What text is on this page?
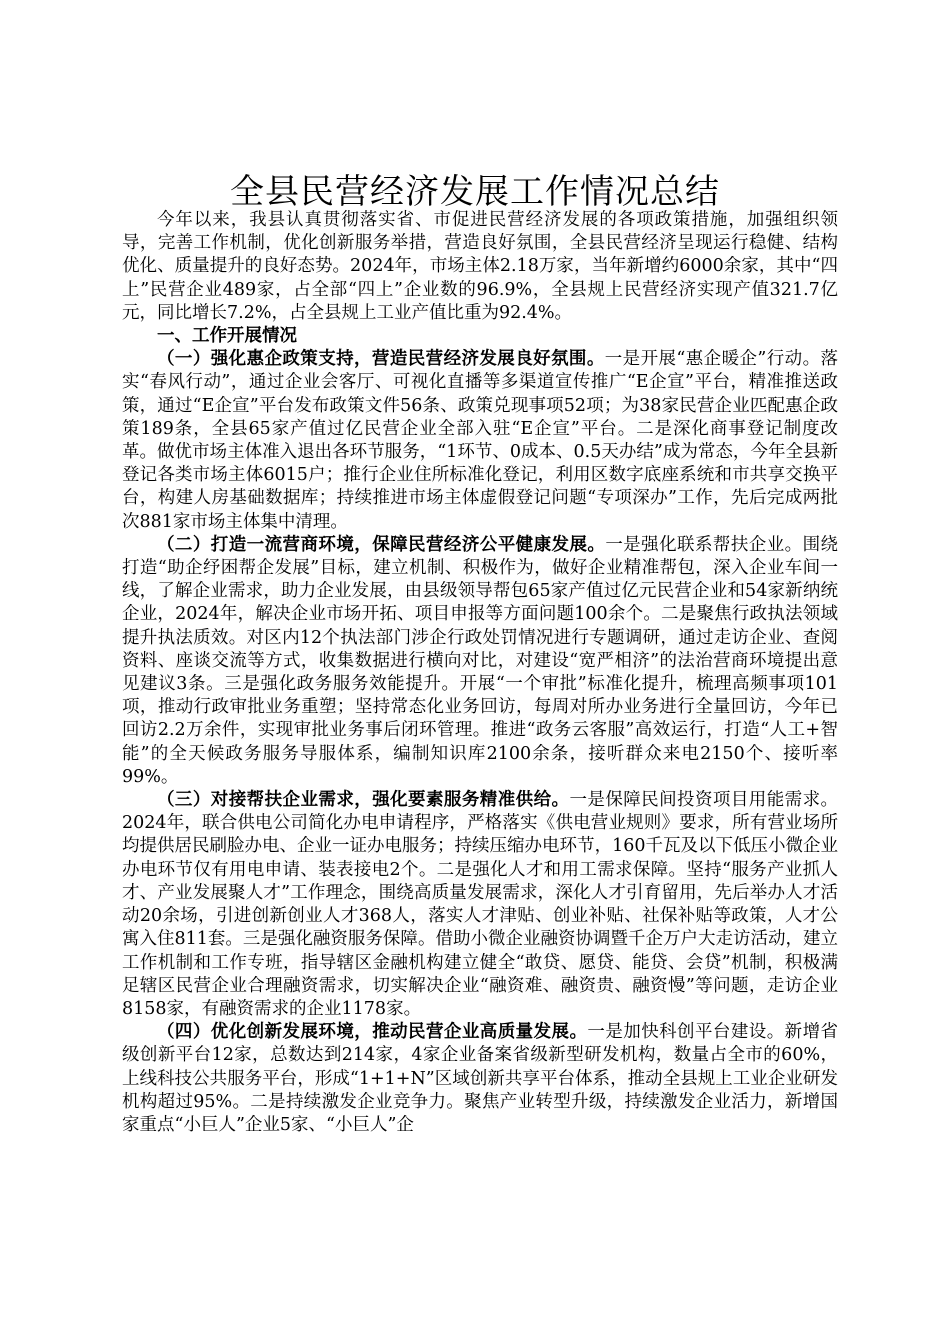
全县民营经济发展工作情况总结

今年以来，我县认真贯彻落实省、市促进民营经济发展的各项政策措施，加强组织领导，完善工作机制，优化创新服务举措，营造良好氛围，全县民营经济呈现运行稳健、结构优化、质量提升的良好态势。2024年，市场主体2.18万家，当年新增约6000余家，其中“四上”民营企业489家，占全部“四上”企业数的96.9%，全县规上民营经济实现产值321.7亿元，同比增长7.2%，占全县规上工业产值比重为92.4%。

一、工作开展情况

（一）强化惠企政策支持，营造民营经济发展良好氛围。一是开展“惠企暖企”行动。落实“春风行动”，通过企业会客厅、可视化直播等多渠道宣传推广“E企宣”平台，精准推送政策，通过“E企宣”平台发布政策文件56条、政策兑现事项52项；为38家民营企业匹配惠企政策189条，全县65家产值过亿民营企业全部入驻“E企宣”平台。二是深化商事登记制度改革。做优市场主体准入退出各环节服务，“1环节、0成本、0.5天办结”成为常态，今年全县新登记各类市场主体6015户；推行企业住所标准化登记，利用区数字底座系统和市共享交换平台，构建人房基础数据库；持续推进市场主体虚假登记问题“专项深办”工作，先后完成两批次881家市场主体集中清理。

（二）打造一流营商环境，保障民营经济公平健康发展。一是强化联系帮扶企业。围绕打造“助企纾困帮企发展”目标，建立机制、积极作为，做好企业精准帮包，深入企业车间一线，了解企业需求，助力企业发展，由县级领导帮包65家产值过亿元民营企业和54家新纳统企业，2024年，解决企业市场开拓、项目申报等方面问题100余个。二是聚焦行政执法领域提升执法质效。对区内12个执法部门涉企行政处罚情况进行专题调研，通过走访企业、查阅资料、座谈交流等方式，收集数据进行横向对比，对建设“宽严相济”的法治营商环境提出意见建议3条。三是强化政务服务效能提升。开展“一个审批”标准化提升，梳理高频事项101项，推动行政审批业务重塑；坚持常态化业务回访，每周对所办业务进行全量回访，今年已回访2.2万余件，实现审批业务事后闭环管理。推进“政务云客服”高效运行，打造“人工+智能”的全天候政务服务导服体系，编制知识库2100余条，接听群众来电2150个、接听率99%。

（三）对接帮扶企业需求，强化要素服务精准供给。一是保障民间投资项目用能需求。2024年，联合供电公司简化办电申请程序，严格落实《供电营业规则》要求，所有营业场所均提供居民刷脸办电、企业一证办电服务；持续压缩办电环节，160千瓦及以下低压小微企业办电环节仅有用电申请、装表接电2个。二是强化人才和用工需求保障。坚持“服务产业抓人才、产业发展聚人才”工作理念，围绕高质量发展需求，深化人才引育留用，先后举办人才活动20余场，引进创新创业人才368人，落实人才津贴、创业补贴、社保补贴等政策，人才公寓入住811套。三是强化融资服务保障。借助小微企业融资协调暨千企万户大走访活动，建立工作机制和工作专班，指导辖区金融机构建立健全“敢贷、愿贷、能贷、会贷”机制，积极满足辖区民营企业合理融资需求，切实解决企业“融资难、融资贵、融资慢”等问题，走访企业8158家，有融资需求的企业1178家。

（四）优化创新发展环境，推动民营企业高质量发展。一是加快科创平台建设。新增省级创新平台12家，总数达到214家，4家企业备案省级新型研发机构，数量占全市的60%，上线科技公共服务平台，形成“1+1+N”区域创新共享平台体系，推动全县规上工业企业研发机构超过95%。二是持续激发企业竞争力。聚焦产业转型升级，持续激发企业活力，新增国家重点“小巨人”企业5家、“小巨人”企
